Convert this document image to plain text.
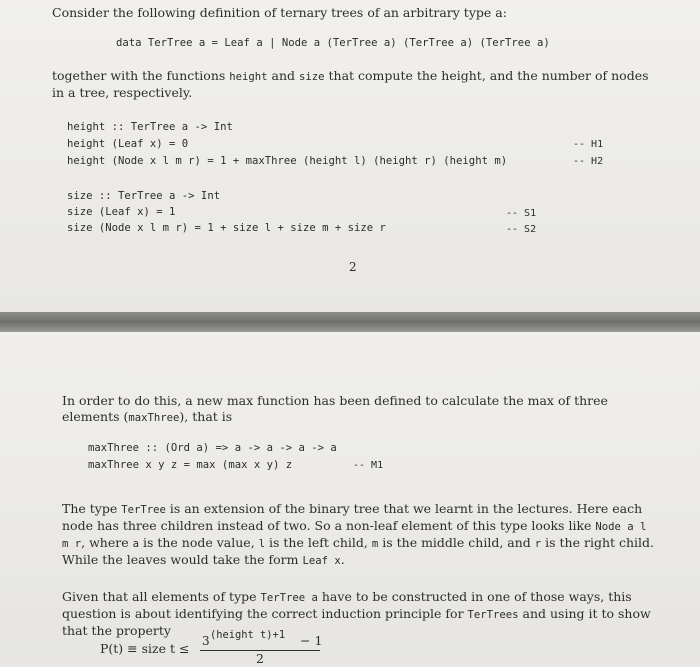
Consider the following definition of ternary trees of an arbitrary type a:
data TerTree a = Leaf a | Node a (TerTree a) (TerTree a) (TerTree a)
together with the functions height and size that compute the height, and the number of nodes in a tree, respectively.
height :: TerTree a -> Int
height (Leaf x) = 0	-- H1
height (Node x l m r) = 1 + maxThree (height l) (height r) (height m)	-- H2
size :: TerTree a -> Int
size (Leaf x) = 1	-- S1
size (Node x l m r) = 1 + size l + size m + size r	-- S2
2
In order to do this, a new max function has been defined to calculate the max of three elements (maxThree), that is
maxThree :: (Ord a) => a -> a -> a -> a
maxThree x y z = max (max x y) z	-- M1
The type TerTree is an extension of the binary tree that we learnt in the lectures. Here each node has three children instead of two. So a non-leaf element of this type looks like Node a l m r, where a is the node value, l is the left child, m is the middle child, and r is the right child. While the leaves would take the form Leaf x.
Given that all elements of type TerTree a have to be constructed in one of those ways, this question is about identifying the correct induction principle for TerTrees and using it to show that the property
P(t) ≡ size t ≤ 3 (height t)+1 − 1
2
